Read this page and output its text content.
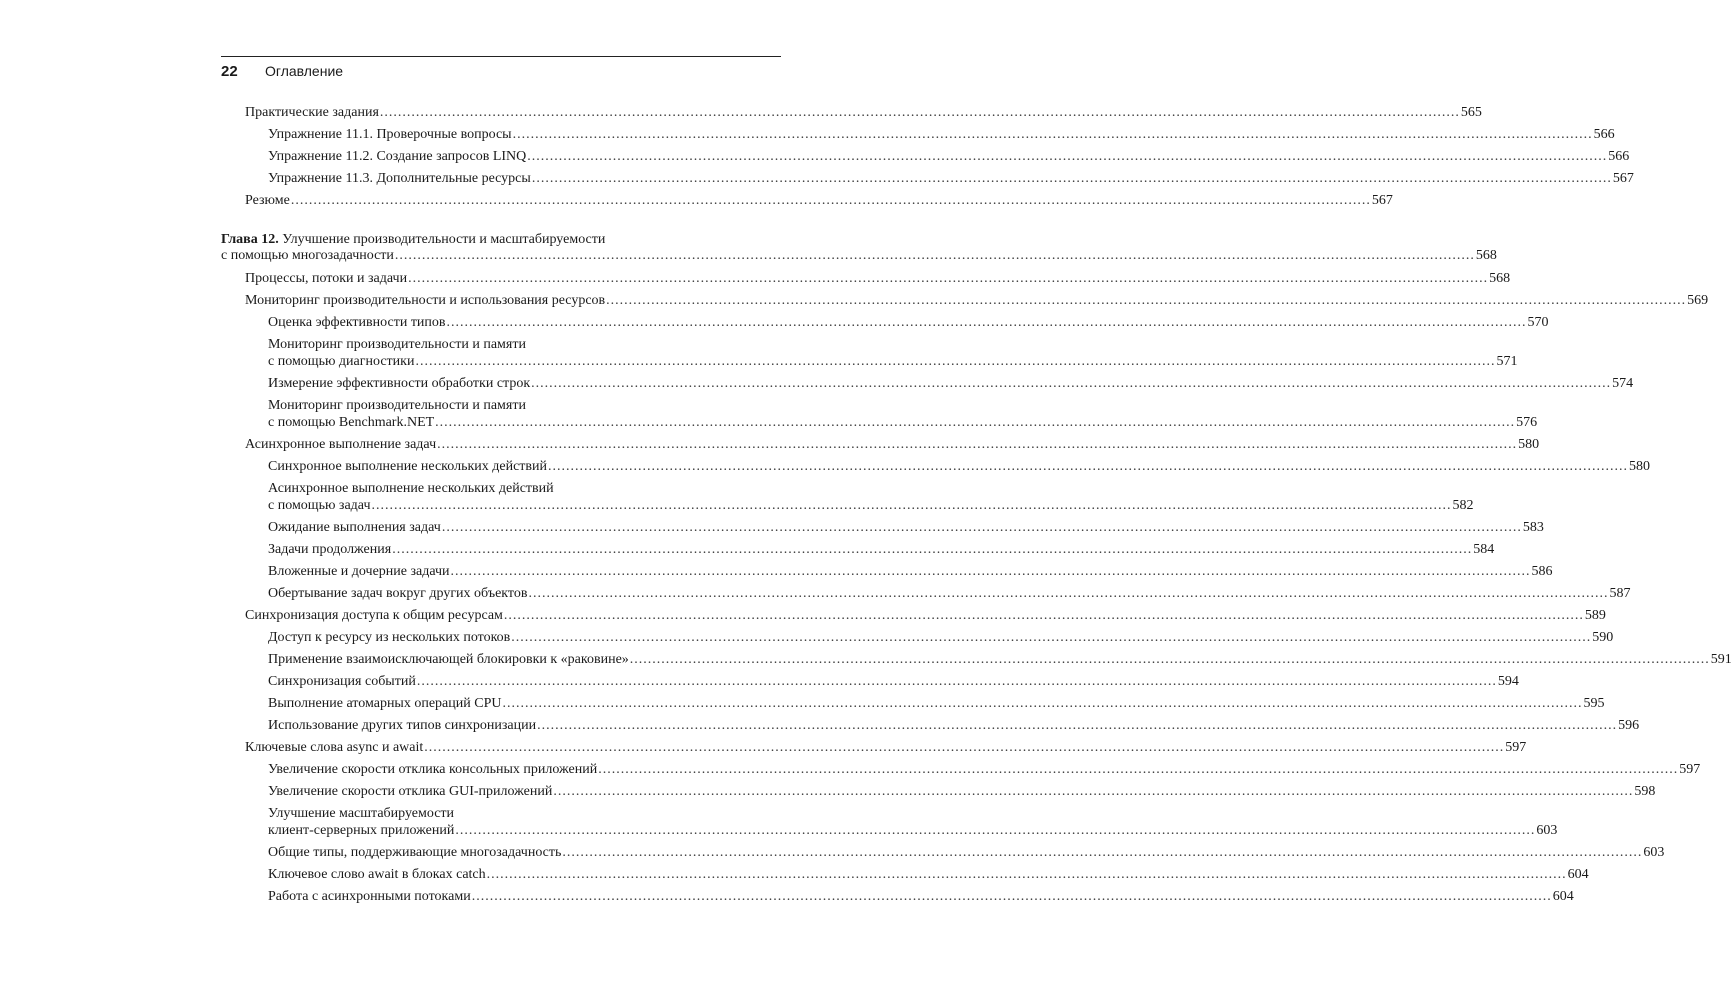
22	Оглавление
Практические задания .....	565
Упражнение 11.1. Проверочные вопросы .....	566
Упражнение 11.2. Создание запросов LINQ .....	566
Упражнение 11.3. Дополнительные ресурсы .....	567
Резюме .....	567
Глава 12. Улучшение производительности и масштабируемости
с помощью многозадачности .....	568
Процессы, потоки и задачи .....	568
Мониторинг производительности и использования ресурсов .....	569
Оценка эффективности типов .....	570
Мониторинг производительности и памяти
с помощью диагностики .....	571
Измерение эффективности обработки строк .....	574
Мониторинг производительности и памяти
с помощью Benchmark.NET .....	576
Асинхронное выполнение задач .....	580
Синхронное выполнение нескольких действий .....	580
Асинхронное выполнение нескольких действий
с помощью задач .....	582
Ожидание выполнения задач .....	583
Задачи продолжения .....	584
Вложенные и дочерние задачи .....	586
Обертывание задач вокруг других объектов .....	587
Синхронизация доступа к общим ресурсам .....	589
Доступ к ресурсу из нескольких потоков .....	590
Применение взаимоисключающей блокировки к «раковине» .....	591
Синхронизация событий .....	594
Выполнение атомарных операций CPU .....	595
Использование других типов синхронизации .....	596
Ключевые слова async и await .....	597
Увеличение скорости отклика консольных приложений .....	597
Увеличение скорости отклика GUI-приложений .....	598
Улучшение масштабируемости
клиент-серверных приложений .....	603
Общие типы, поддерживающие многозадачность .....	603
Ключевое слово await в блоках catch .....	604
Работа с асинхронными потоками .....	604
